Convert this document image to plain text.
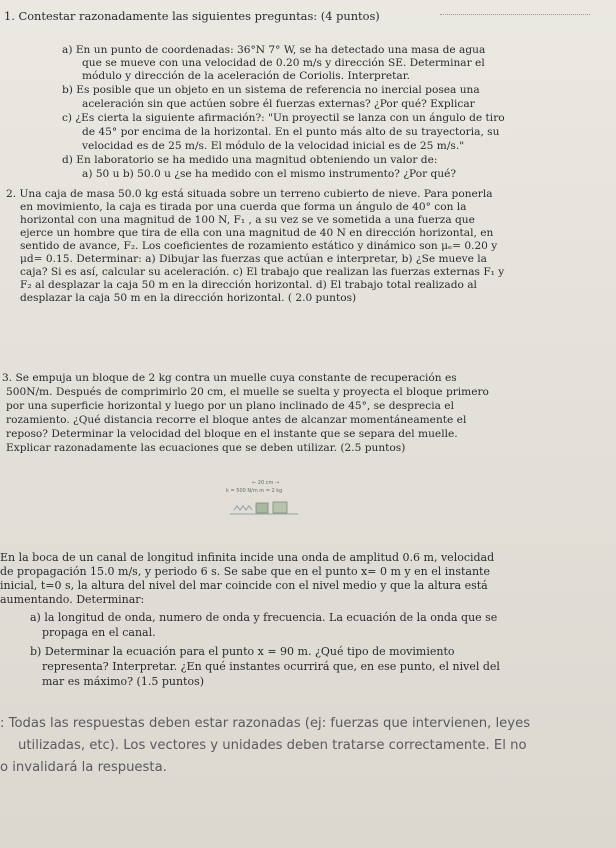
1. Contestar razonadamente las siguientes preguntas: (4 puntos)
a) En un punto de coordenadas: 36°N 7° W, se ha detectado una masa de agua
que se mueve con una velocidad de 0.20 m/s y dirección SE. Determinar el
módulo y dirección de la aceleración de Coriolis. Interpretar.
b) Es posible que un objeto en un sistema de referencia no inercial posea una
aceleración sin que actúen sobre él fuerzas externas? ¿Por qué? Explicar
c) ¿Es cierta la siguiente afirmación?: "Un proyectil se lanza con un ángulo de tiro
de 45° por encima de la horizontal. En el punto más alto de su trayectoria, su
velocidad es de 25 m/s. El módulo de la velocidad inicial es de 25 m/s."
d) En laboratorio se ha medido una magnitud obteniendo un valor de:
a) 50 u b) 50.0 u ¿se ha medido con el mismo instrumento? ¿Por qué?
2. Una caja de masa 50.0 kg está situada sobre un terreno cubierto de nieve. Para ponerla
en movimiento, la caja es tirada por una cuerda que forma un ángulo de 40° con la
horizontal con una magnitud de 100 N, F₁ , a su vez se ve sometida a una fuerza que
ejerce un hombre que tira de ella con una magnitud de 40 N en dirección horizontal, en
sentido de avance, F₂. Los coeficientes de rozamiento estático y dinámico son μₑ= 0.20 y
μd= 0.15. Determinar: a) Dibujar las fuerzas que actúan e interpretar, b) ¿Se mueve la
caja? Si es así, calcular su aceleración. c) El trabajo que realizan las fuerzas externas F₁ y
F₂ al desplazar la caja 50 m en la dirección horizontal. d) El trabajo total realizado al
desplazar la caja 50 m en la dirección horizontal. ( 2.0 puntos)
3. Se empuja un bloque de 2 kg contra un muelle cuya constante de recuperación es
500N/m. Después de comprimirlo 20 cm, el muelle se suelta y proyecta el bloque primero
por una superficie horizontal y luego por un plano inclinado de 45°, se desprecia el
rozamiento. ¿Qué distancia recorre el bloque antes de alcanzar momentáneamente el
reposo? Determinar la velocidad del bloque en el instante que se separa del muelle.
Explicar razonadamente las ecuaciones que se deben utilizar. (2.5 puntos)
← 20 cm →
k = 500 N/m m = 2 kg
En la boca de un canal de longitud infinita incide una onda de amplitud 0.6 m, velocidad
de propagación 15.0 m/s, y periodo 6 s. Se sabe que en el punto x= 0 m y en el instante
inicial, t=0 s, la altura del nivel del mar coincide con el nivel medio y que la altura está
aumentando. Determinar:
a) la longitud de onda, numero de onda y frecuencia. La ecuación de la onda que se
propaga en el canal.
b) Determinar la ecuación para el punto x = 90 m. ¿Qué tipo de movimiento
representa? Interpretar. ¿En qué instantes ocurrirá que, en ese punto, el nivel del
mar es máximo? (1.5 puntos)
: Todas las respuestas deben estar razonadas (ej: fuerzas que intervienen, leyes
utilizadas, etc). Los vectores y unidades deben tratarse correctamente. El no
o invalidará la respuesta.
